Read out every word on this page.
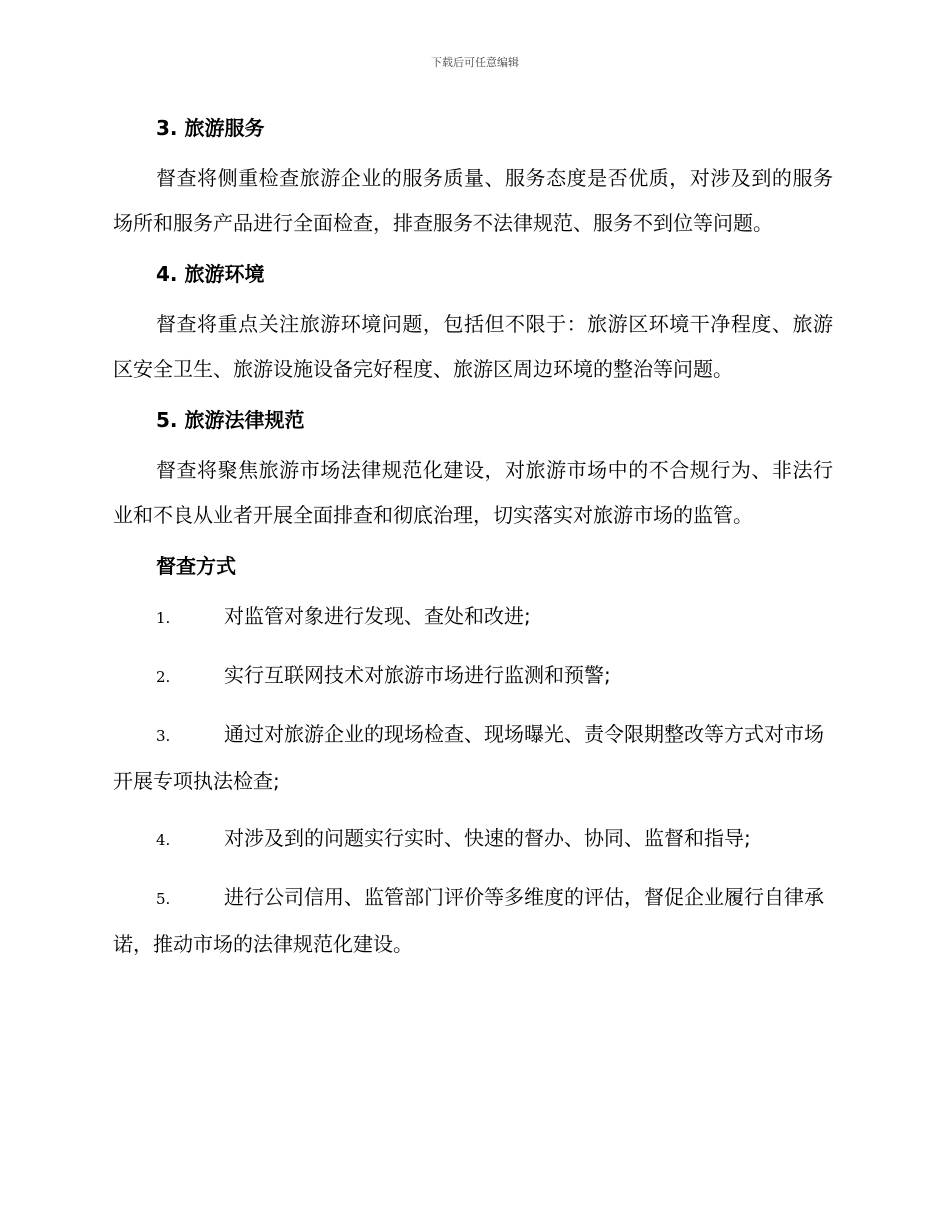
下载后可任意编辑
3. 旅游服务

督查将侧重检查旅游企业的服务质量、服务态度是否优质，对涉及到的服务场所和服务产品进行全面检查，排查服务不法律规范、服务不到位等问题。

4. 旅游环境

督查将重点关注旅游环境问题，包括但不限于：旅游区环境干净程度、旅游区安全卫生、旅游设施设备完好程度、旅游区周边环境的整治等问题。

5. 旅游法律规范

督查将聚焦旅游市场法律规范化建设，对旅游市场中的不合规行为、非法行业和不良从业者开展全面排查和彻底治理，切实落实对旅游市场的监管。

督查方式

1.	对监管对象进行发现、查处和改进;

2.	实行互联网技术对旅游市场进行监测和预警;

3.	通过对旅游企业的现场检查、现场曝光、责令限期整改等方式对市场开展专项执法检查;

4.	对涉及到的问题实行实时、快速的督办、协同、监督和指导;

5.	进行公司信用、监管部门评价等多维度的评估，督促企业履行自律承诺，推动市场的法律规范化建设。
